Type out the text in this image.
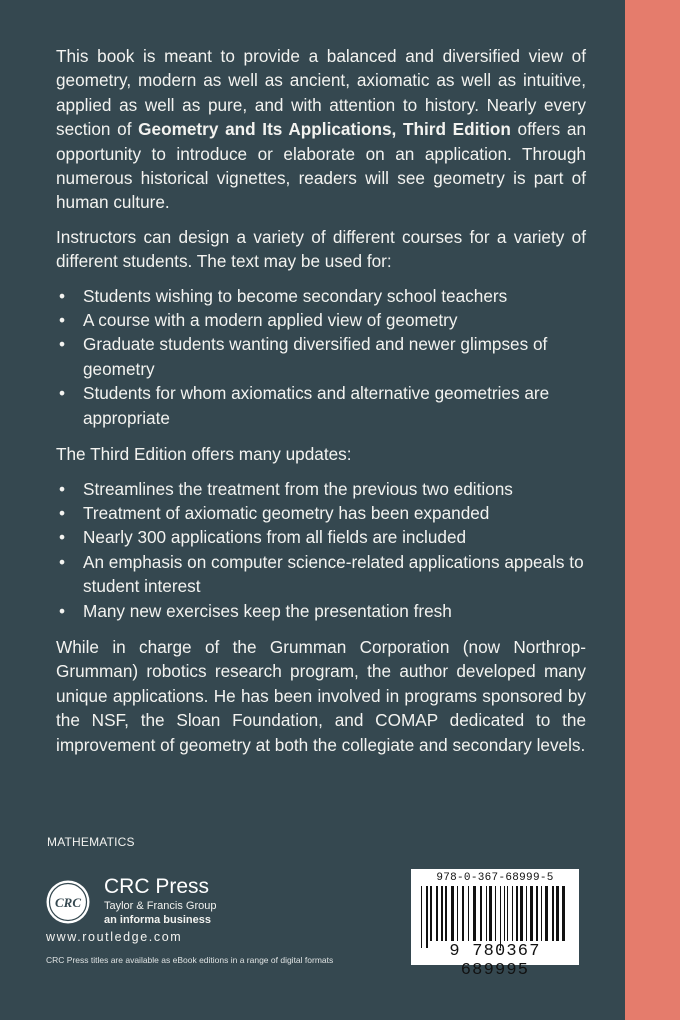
This book is meant to provide a balanced and diversified view of geometry, modern as well as ancient, axiomatic as well as intuitive, applied as well as pure, and with attention to history. Nearly every section of Geometry and Its Applications, Third Edition offers an opportunity to introduce or elaborate on an application. Through numerous historical vignettes, readers will see geometry is part of human culture.

Instructors can design a variety of different courses for a variety of different students. The text may be used for:

• Students wishing to become secondary school teachers
• A course with a modern applied view of geometry
• Graduate students wanting diversified and newer glimpses of geometry
• Students for whom axiomatics and alternative geometries are appropriate

The Third Edition offers many updates:

• Streamlines the treatment from the previous two editions
• Treatment of axiomatic geometry has been expanded
• Nearly 300 applications from all fields are included
• An emphasis on computer science-related applications appeals to student interest
• Many new exercises keep the presentation fresh

While in charge of the Grumman Corporation (now Northrop-Grumman) robotics research program, the author developed many unique applications. He has been involved in programs sponsored by the NSF, the Sloan Foundation, and COMAP dedicated to the improvement of geometry at both the collegiate and secondary levels.

MATHEMATICS
CRC
CRC Press
Taylor & Francis Group
an informa business
www.routledge.com
CRC Press titles are available as eBook editions in a range of digital formats
978-0-367-68999-5
9 780367 689995
